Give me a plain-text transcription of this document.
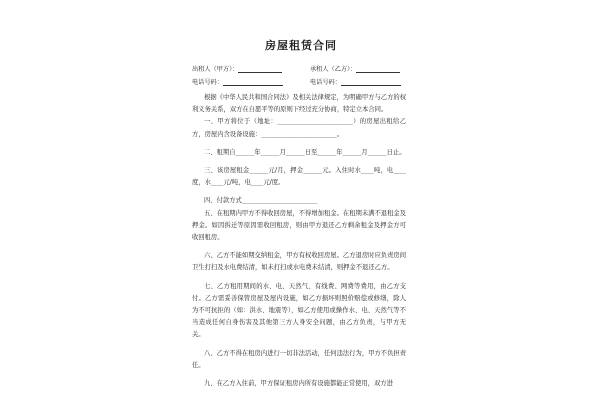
房屋租赁合同
出租人（甲方）：	承租人（乙方）：
电话号码：	电话号码：

根据《中华人民共和国合同法》及相关法律规定，为明确甲方与乙方的权利义务关系，双方在自愿平等的原则下经过充分协商，特定立本合同。

一、甲方将位于（地址：________________________）的房屋出租给乙方，房屋内含设备设施：________________________。

二、租期自______年______月______日至______年______月______日止。

三、该房屋租金______元/月，押金______元。入住时水____吨，电____度，水____元/吨，电____元/度。

四、付款方式________________________

五、在租期内甲方不得收回房屋，不得增加租金。在租期未满不退租金及押金。如因拆迁等原因需收回租房，则由甲方退还乙方剩余租金及押金方可收回租房。

六、乙方不能如期交纳租金，甲方有权收回房屋。乙方退房时应负责房间卫生打扫及水电费结清，如未打扫或水电费未结清，则押金不退还乙方。

七、乙方租用期间的水、电、天然气、有线费、网费等费用，由乙方支付。乙方需妥善保管房屋及屋内设施，如乙方损坏则照价赔偿或修缮，除人为不可抗拒的（如：洪水、地震等），如乙方使用或操作水、电、天然气等不当造成任何自身伤害及其他第三方人身安全问题，由乙方负责，与甲方无关。

八、乙方不得在租房内进行一切非法活动，任何违法行为，甲方不负担责任。

九、在乙方入住前，甲方保证租房内所有设施都能正常使用，双方进
